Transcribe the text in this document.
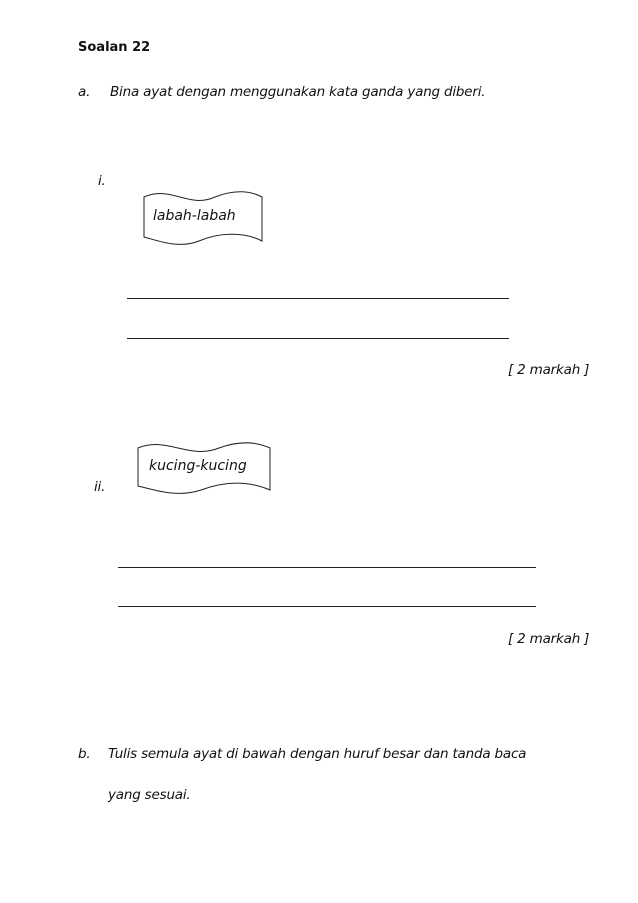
Soalan 22
a. Bina ayat dengan menggunakan kata ganda yang diberi.
i.
labah-labah
[ 2 markah ]
kucing-kucing
ii.
[ 2 markah ]
b. Tulis semula ayat di bawah dengan huruf besar dan tanda baca
yang sesuai.
